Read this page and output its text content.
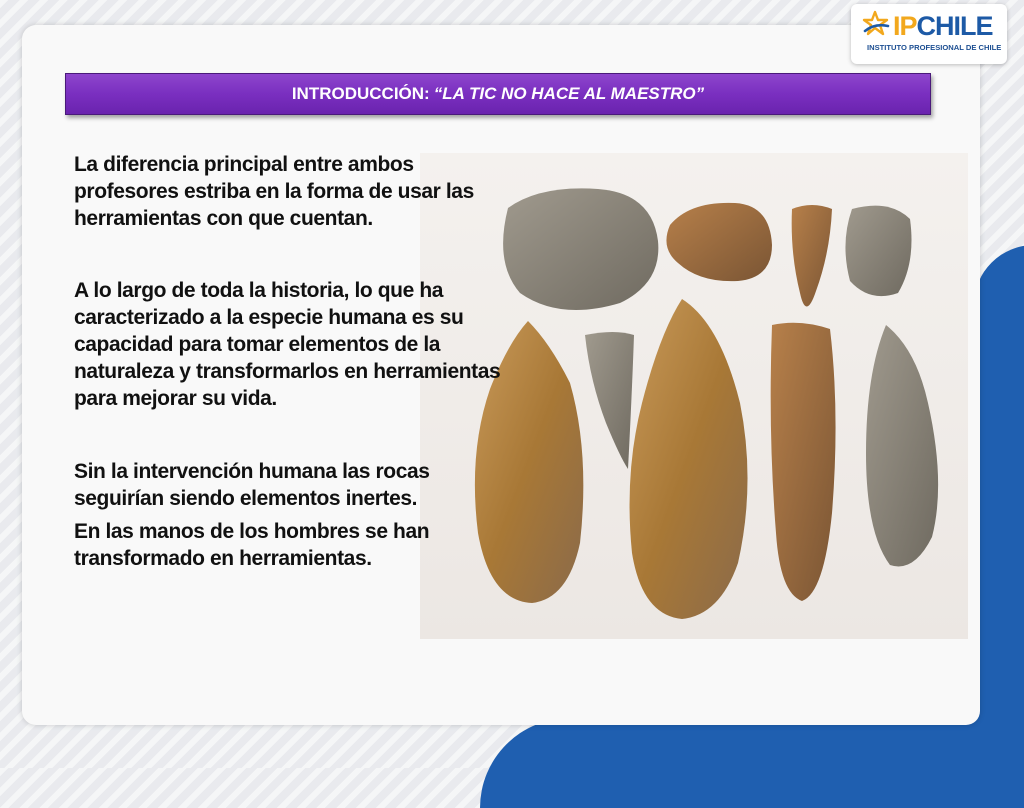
IPCHILE
INSTITUTO PROFESIONAL DE CHILE
INTRODUCCIÓN: “LA TIC NO HACE AL MAESTRO”

La diferencia principal entre ambos profesores estriba en la forma de usar las herramientas con que cuentan.

A lo largo de toda la historia, lo que ha caracterizado a la especie humana es su capacidad para tomar elementos de la naturaleza y transformarlos en herramientas para mejorar su vida.

Sin la intervención humana las rocas seguirían siendo elementos inertes.

En las manos de los hombres se han transformado en herramientas.
